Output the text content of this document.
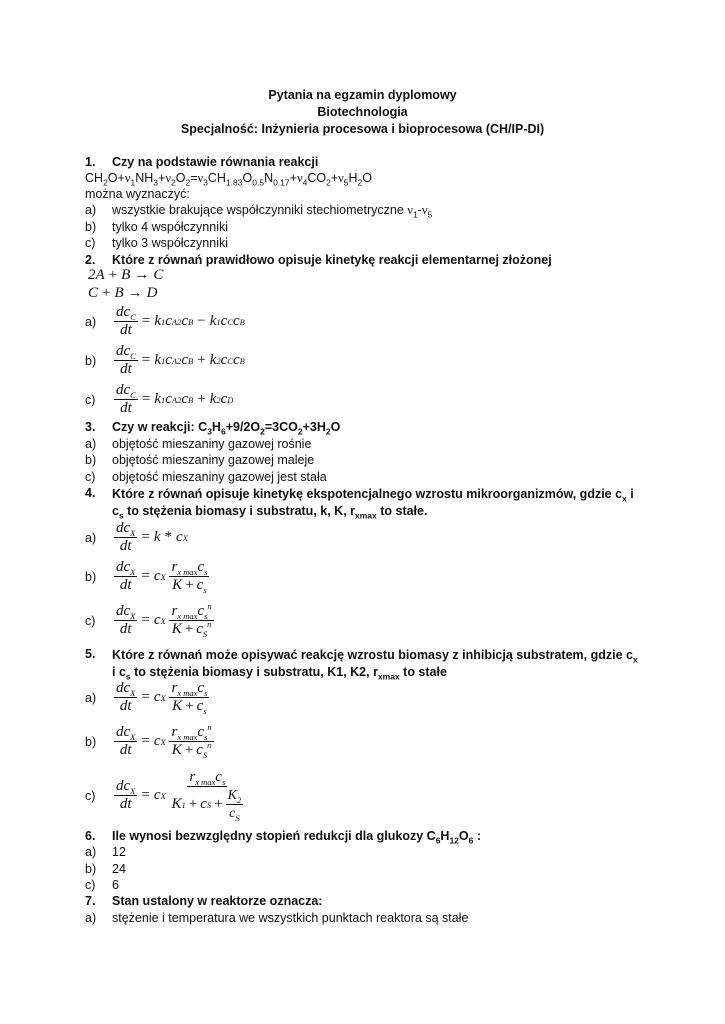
Pytania na egzamin dyplomowy
Biotechnologia
Specjalność: Inżynieria procesowa i bioprocesowa (CH/IP-DI)
1. Czy na podstawie równania reakcji
$CH_2O+\nu_1NH_3+\nu_2O_2=\nu_3CH_{1.83}O_{0.5}N_{0.17}+\nu_4CO_2+\nu_5H_2O$
można wyznaczyć:
a) wszystkie brakujące współczynniki stechiometryczne $\nu_1-\nu_5$
b) tylko 4 współczynniki
c) tylko 3 współczynniki
2. Które z równań prawidłowo opisuje kinetykę reakcji elementarnej złożonej
2 A + B → C
C + B → D
a)	$\frac{dc_C}{dt} = k$ 1 c A 2 c B − k 1 c C c B
b)	$\frac{dc_C}{dt} = k$ 1 c A 2 c B + k 2 c C c B
c)	$\frac{dc_C}{dt} = k$ 1 c A 2 c B + k 2 c D
3. Czy w reakcji: $C_3H_6+9/2O_2=3CO_2+3H_2O$
a) objętość mieszaniny gazowej rośnie
b) objętość mieszaniny gazowej maleje
c) objętość mieszaniny gazowej jest stała
4. Które z równań opisuje kinetykę ekspotencjalnego wzrostu mikroorganizmów, gdzie $c_x$ i $c_s$ to stężenia biomasy i substratu, k, K, $r_{xmax}$ to stałe.
a)	$\frac{dc_X}{dt} = k * c$ X
b)	$\frac{dc_X}{dt} = c$ X
$\frac{r_{x max}c_s}{K + c_s}$
c)	$\frac{dc_X}{dt} = c$ X
$\frac{r_{x max}c_s^n}{K + c_S^n}$
5. Które z równań może opisywać reakcję wzrostu biomasy z inhibicją substratem, gdzie $c_x$ i $c_s$ to stężenia biomasy i substratu, K1, K2, $r_{xmax}$ to stałe
a)	$\frac{dc_X}{dt} = c$ X
$\frac{r_{x max}c_s}{K + c_s}$
b)	$\frac{dc_X}{dt} = c$ X
$\frac{r_{x max}c_s^n}{K + c_S^n}$
c)	$\frac{dc_X}{dt} = c$ X
$\frac{r_{x max}c_s}{K 1 + c S + \frac{K_2}{c_S}}$
6. Ile wynosi bezwzględny stopień redukcji dla glukozy $C_6H_{12}O_6$ :
a) 12
b) 24
c) 6
7. Stan ustalony w reaktorze oznacza:
a) stężenie i temperatura we wszystkich punktach reaktora są stałe
